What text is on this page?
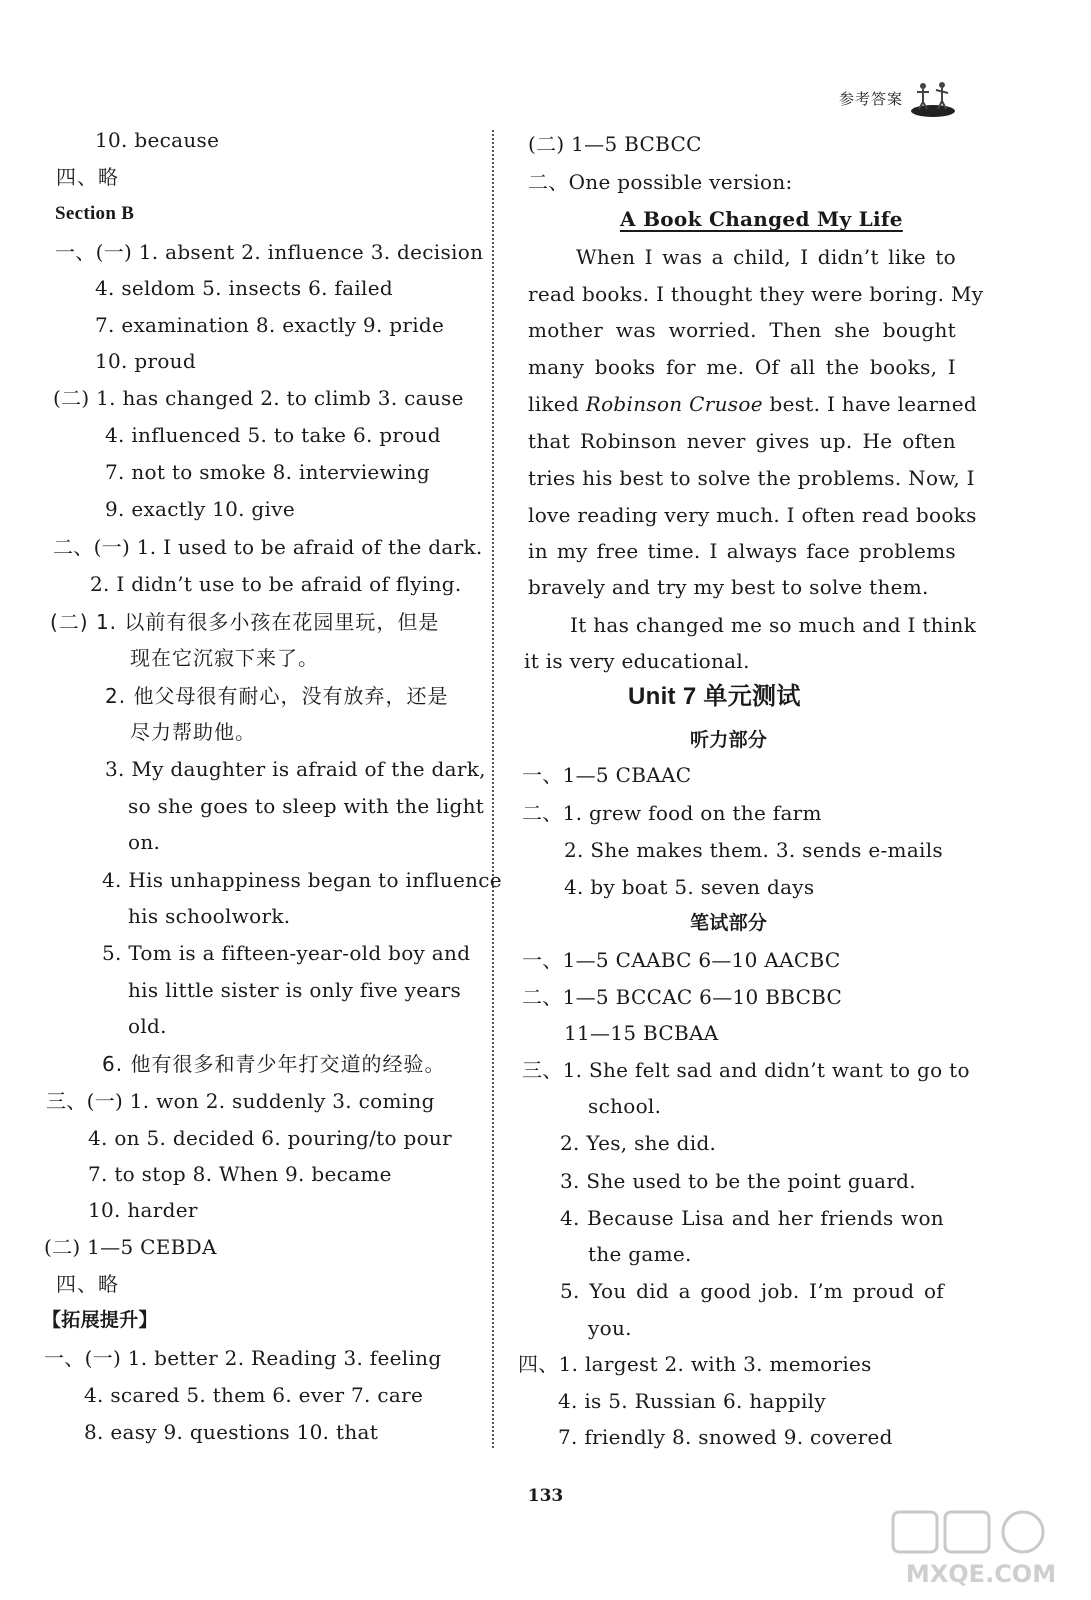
参考答案
10. because
四、略
Section B
一、(一) 1. absent 2. influence 3. decision
4. seldom 5. insects 6. failed
7. examination 8. exactly 9. pride
10. proud
(二) 1. has changed 2. to climb 3. cause
4. influenced 5. to take 6. proud
7. not to smoke 8. interviewing
9. exactly 10. give
二、(一) 1. I used to be afraid of the dark.
2. I didn’t use to be afraid of flying.
(二) 1. 以前有很多小孩在花园里玩，但是
现在它沉寂下来了。
2. 他父母很有耐心，没有放弃，还是
尽力帮助他。
3. My daughter is afraid of the dark,
so she goes to sleep with the light
on.
4. His unhappiness began to influence
his schoolwork.
5. Tom is a fifteen-year-old boy and
his little sister is only five years
old.
6. 他有很多和青少年打交道的经验。
三、(一) 1. won 2. suddenly 3. coming
4. on 5. decided 6. pouring/to pour
7. to stop 8. When 9. became
10. harder
(二) 1—5 CEBDA
四、略
【拓展提升】
一、(一) 1. better 2. Reading 3. feeling
4. scared 5. them 6. ever 7. care
8. easy 9. questions 10. that
(二) 1—5 BCBCC
二、One possible version:
A Book Changed My Life
When I was a child, I didn’t like to
read books. I thought they were boring. My
mother was worried. Then she bought
many books for me. Of all the books, I
liked Robinson Crusoe best. I have learned
that Robinson never gives up. He often
tries his best to solve the problems. Now, I
love reading very much. I often read books
in my free time. I always face problems
bravely and try my best to solve them.
It has changed me so much and I think
it is very educational.
Unit 7 单元测试
听力部分
一、1—5 CBAAC
二、1. grew food on the farm
2. She makes them. 3. sends e-mails
4. by boat 5. seven days
笔试部分
一、1—5 CAABC 6—10 AACBC
二、1—5 BCCAC 6—10 BBCBC
11—15 BCBAA
三、1. She felt sad and didn’t want to go to
school.
2. Yes, she did.
3. She used to be the point guard.
4. Because Lisa and her friends won
the game.
5. You did a good job. I’m proud of
you.
四、1. largest 2. with 3. memories
4. is 5. Russian 6. happily
7. friendly 8. snowed 9. covered
133
MXQE.COM
